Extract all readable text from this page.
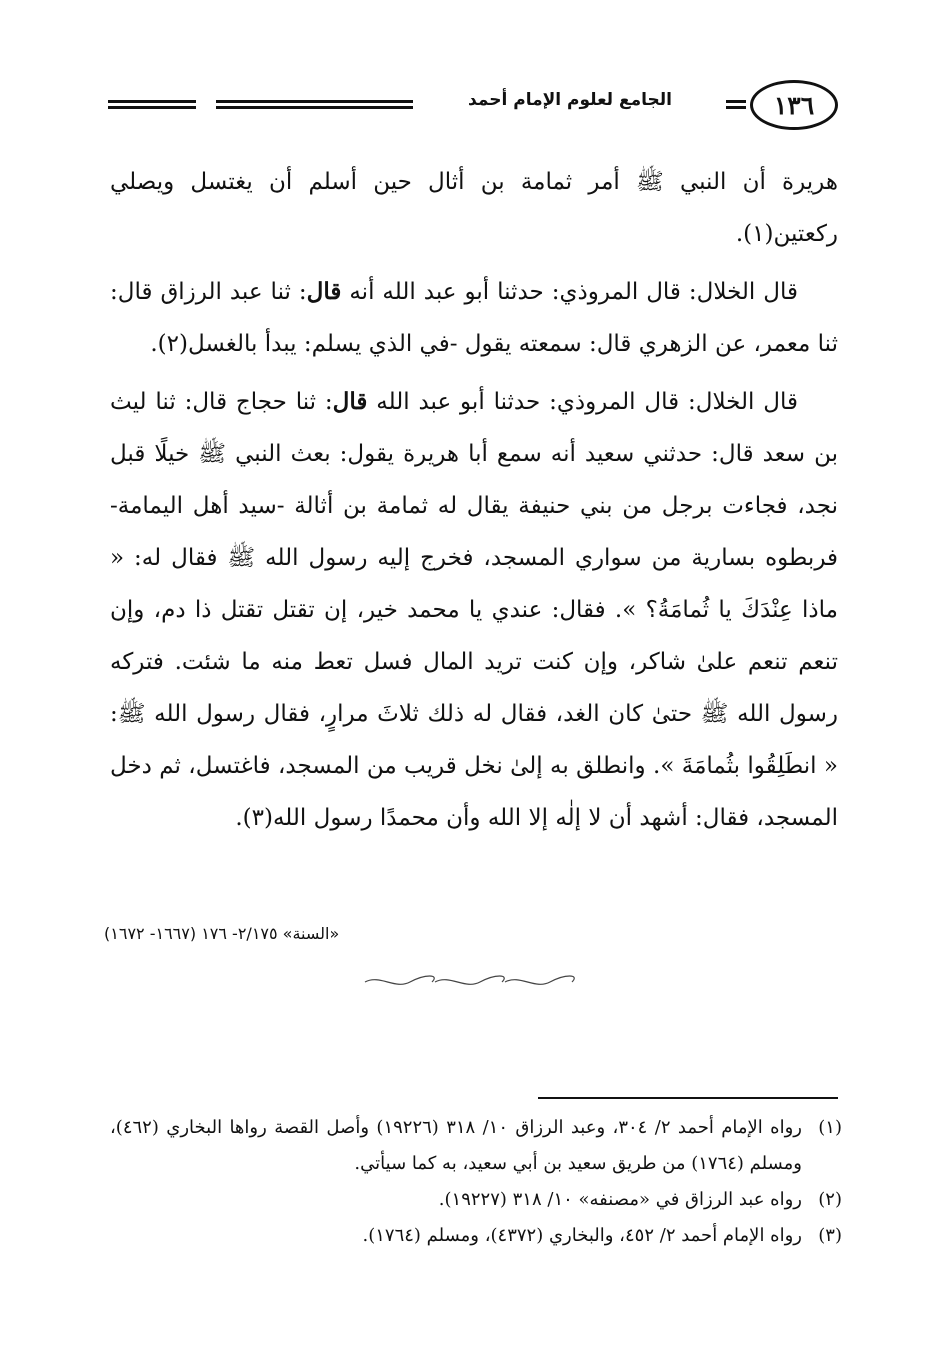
الجامع لعلوم الإمام أحمد	١٣٦

هريرة أن النبي ﷺ أمر ثمامة بن أثال حين أسلم أن يغتسل ويصلي ركعتين(١).

قال الخلال: قال المروذي: حدثنا أبو عبد الله أنه قال: ثنا عبد الرزاق قال: ثنا معمر، عن الزهري قال: سمعته يقول -في الذي يسلم: يبدأ بالغسل(٢).

قال الخلال: قال المروذي: حدثنا أبو عبد الله قال: ثنا حجاج قال: ثنا ليث بن سعد قال: حدثني سعيد أنه سمع أبا هريرة يقول: بعث النبي ﷺ خيلًا قبل نجد، فجاءت برجل من بني حنيفة يقال له ثمامة بن أثالة -سيد أهل اليمامة- فربطوه بسارية من سواري المسجد، فخرج إليه رسول الله ﷺ فقال له: « ماذا عِنْدَكَ يا ثُمامَةُ؟ ». فقال: عندي يا محمد خير، إن تقتل تقتل ذا دم، وإن تنعم تنعم علىٰ شاكر، وإن كنت تريد المال فسل تعط منه ما شئت. فتركه رسول الله ﷺ حتىٰ كان الغد، فقال له ذلك ثلاثَ مرارٍ، فقال رسول الله ﷺ: « انطَلِقُوا بثُمامَةَ ». وانطلق به إلىٰ نخل قريب من المسجد، فاغتسل، ثم دخل المسجد، فقال: أشهد أن لا إلٰه إلا الله وأن محمدًا رسول الله(٣).

«السنة» ٢/١٧٥- ١٧٦ (١٦٦٧- ١٦٧٢)
(١)
رواه الإمام أحمد ٢/ ٣٠٤، وعبد الرزاق ١٠/ ٣١٨ (١٩٢٢٦) وأصل القصة رواها البخاري (٤٦٢)، ومسلم (١٧٦٤) من طريق سعيد بن أبي سعيد، به كما سيأتي.
(٢)
رواه عبد الرزاق في «مصنفه» ١٠/ ٣١٨ (١٩٢٢٧).
(٣)
رواه الإمام أحمد ٢/ ٤٥٢، والبخاري (٤٣٧٢)، ومسلم (١٧٦٤).
